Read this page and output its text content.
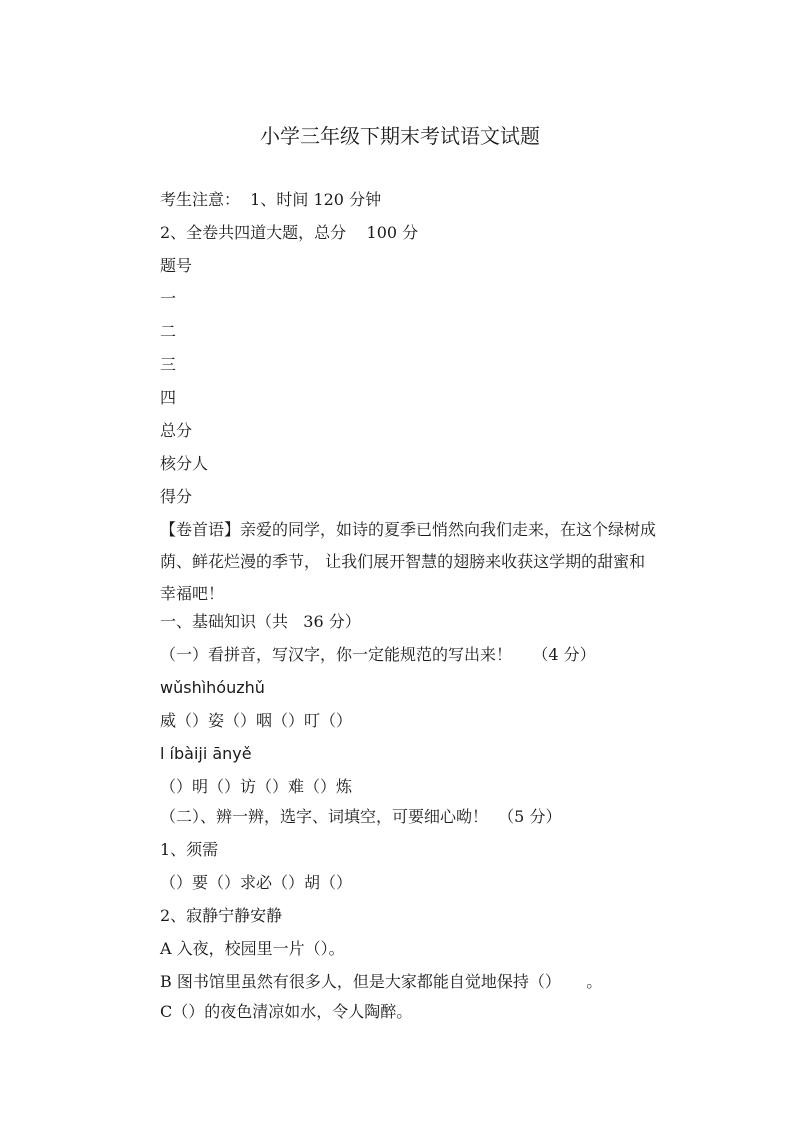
小学三年级下期末考试语文试题
考生注意：  1、时间 120 分钟
2、全卷共四道大题，总分    100 分
题号
一
二
三
四
总分
核分人
得分
【卷首语】亲爱的同学，如诗的夏季已悄然向我们走来，在这个绿树成荫、鲜花烂漫的季节， 让我们展开智慧的翅膀来收获这学期的甜蜜和幸福吧！
一、基础知识（共   36 分）
（一）看拼音，写汉字，你一定能规范的写出来！    （4 分）
wǔshìhóuzhǔ
威（）姿（）咽（）叮（）
l íbàiji ānyě
（）明（）访（）难（）炼
（二）、辨一辨，选字、词填空，可要细心呦！  （5 分）
1、须需
（）要（）求必（）胡（）
2、寂静宁静安静
A 入夜，校园里一片（）。
B 图书馆里虽然有很多人，但是大家都能自觉地保持（）     。
C（）的夜色清凉如水，令人陶醉。
